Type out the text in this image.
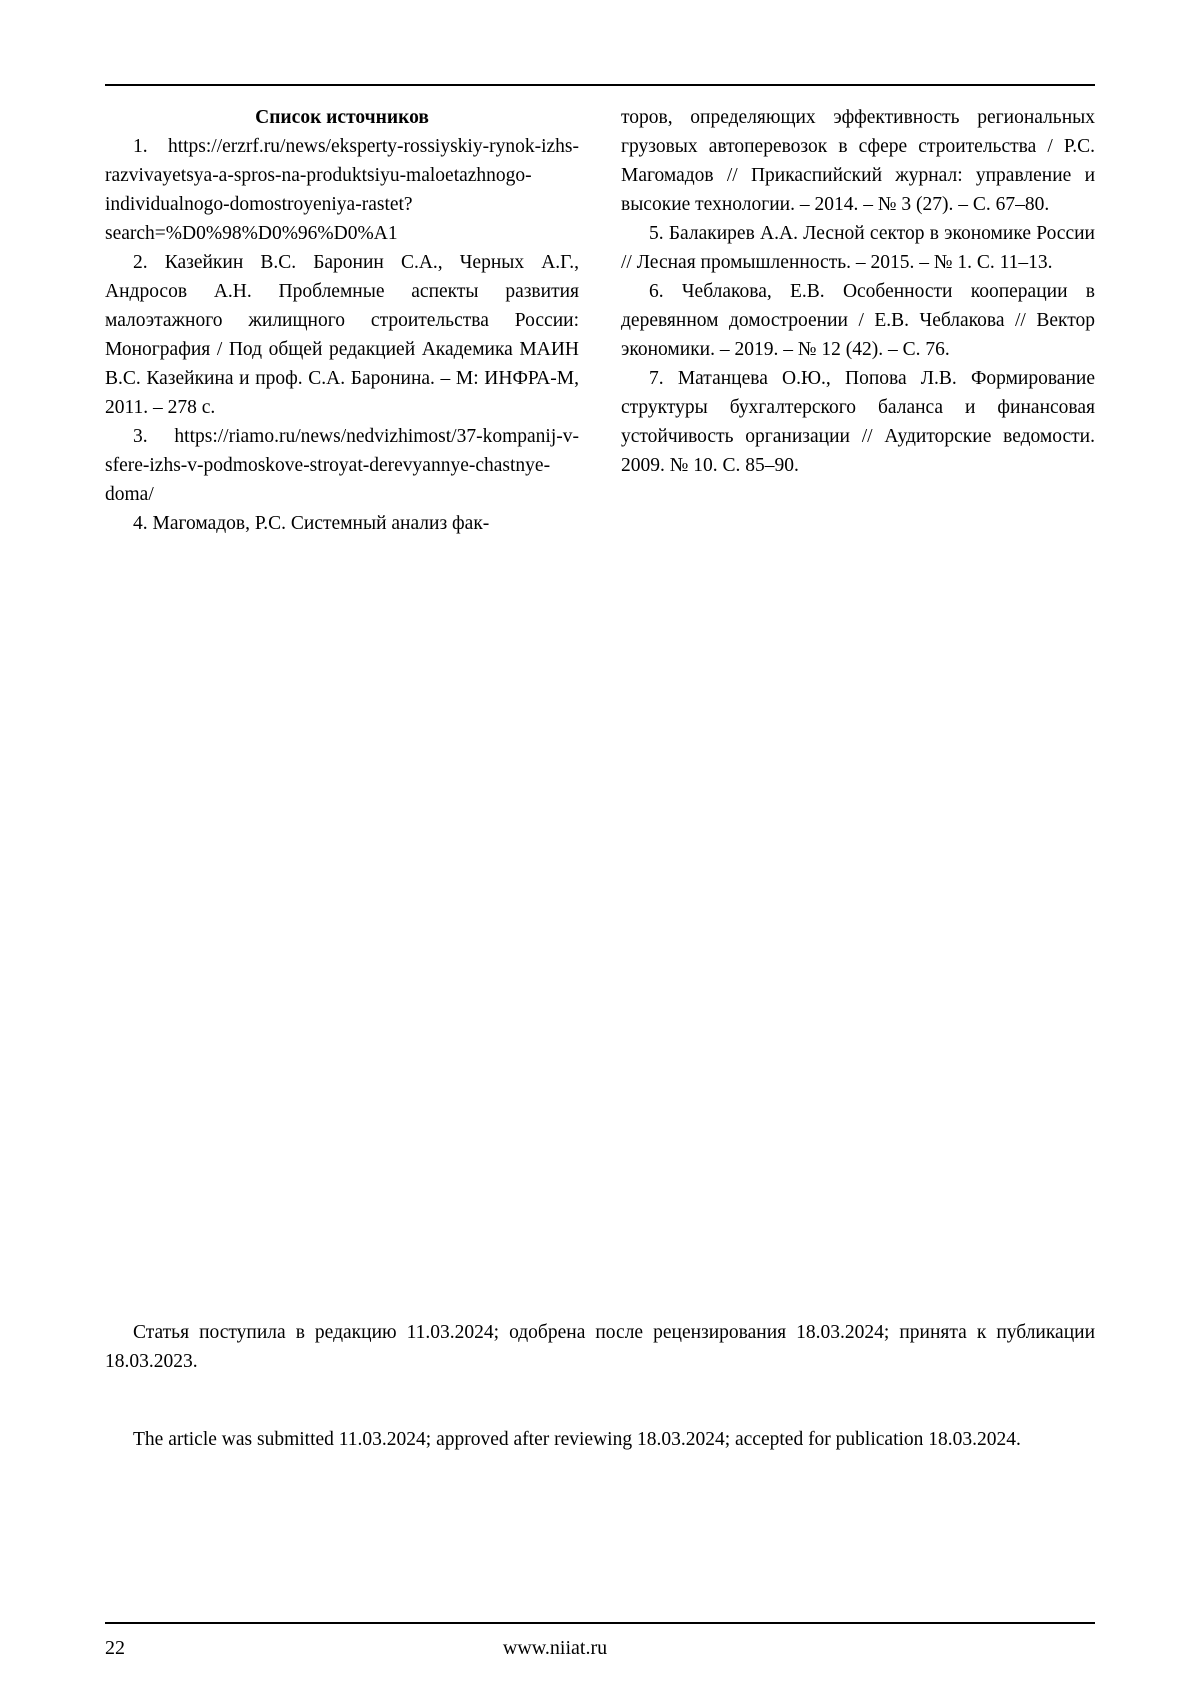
Список источников

1. https://erzrf.ru/news/eksperty-rossiyskiy-rynok-izhs-razvivayetsya-a-spros-na-produktsiyu-maloetazhnogo-individualnogo-domostroyeniya-rastet?search=%D0%98%D0%96%D0%A1

2. Казейкин В.С. Баронин С.А., Черных А.Г., Андросов А.Н. Проблемные аспекты развития малоэтажного жилищного строительства России: Монография / Под общей редакцией Академика МАИН В.С. Казейкина и проф. С.А. Баронина. – М: ИНФРА-М, 2011. – 278 с.

3. https://riamo.ru/news/nedvizhimost/37-kompanij-v-sfere-izhs-v-podmoskove-stroyat-derevyannye-chastnye-doma/

4. Магомадов, Р.С. Системный анализ фак-

торов, определяющих эффективность региональных грузовых автоперевозок в сфере строительства / Р.С. Магомадов // Прикаспийский журнал: управление и высокие технологии. – 2014. – № 3 (27). – С. 67–80.

5. Балакирев А.А. Лесной сектор в экономике России // Лесная промышленность. – 2015. – № 1. С. 11–13.

6. Чеблакова, Е.В. Особенности кооперации в деревянном домостроении / Е.В. Чеблакова // Вектор экономики. – 2019. – № 12 (42). – С. 76.

7. Матанцева О.Ю., Попова Л.В. Формирование структуры бухгалтерского баланса и финансовая устойчивость организации // Аудиторские ведомости. 2009. № 10. С. 85–90.

Статья поступила в редакцию 11.03.2024; одобрена после рецензирования 18.03.2024; принята к публикации 18.03.2023.

The article was submitted 11.03.2024; approved after reviewing 18.03.2024; accepted for publication 18.03.2024.

22	www.niiat.ru
